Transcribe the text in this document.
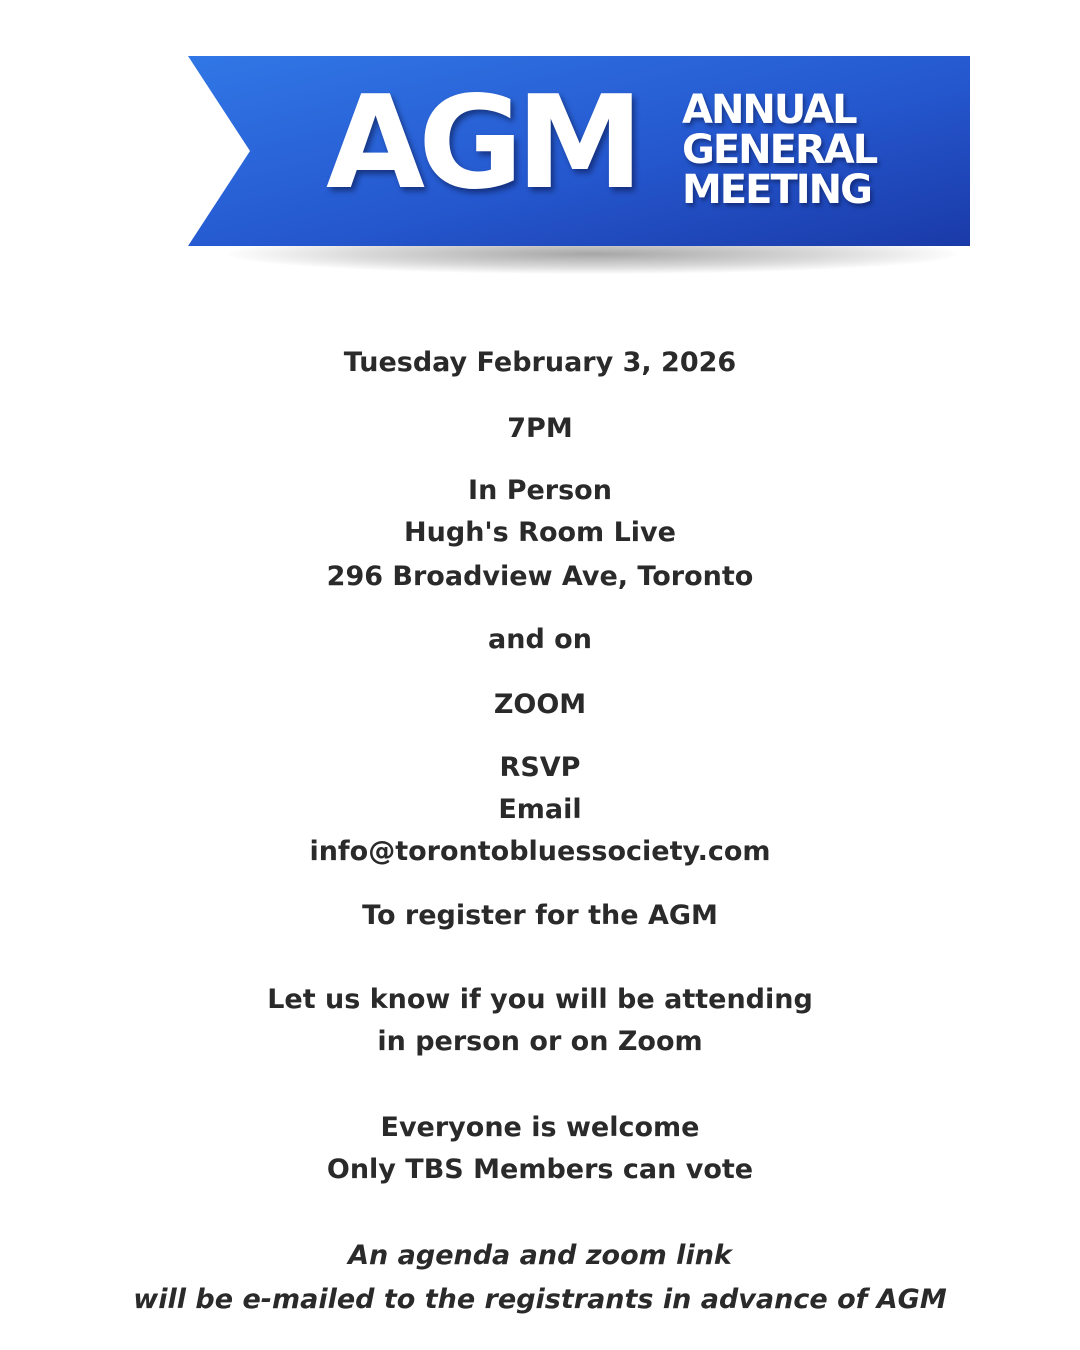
AGM ANNUAL
GENERAL
MEETING
Tuesday February 3, 2026
7PM
In Person
Hugh's Room Live
296 Broadview Ave, Toronto
and on
ZOOM
RSVP
Email
info@torontobluessociety.com
To register for the AGM
Let us know if you will be attending
in person or on Zoom
Everyone is welcome
Only TBS Members can vote
An agenda and zoom link
will be e-mailed to the registrants in advance of AGM
